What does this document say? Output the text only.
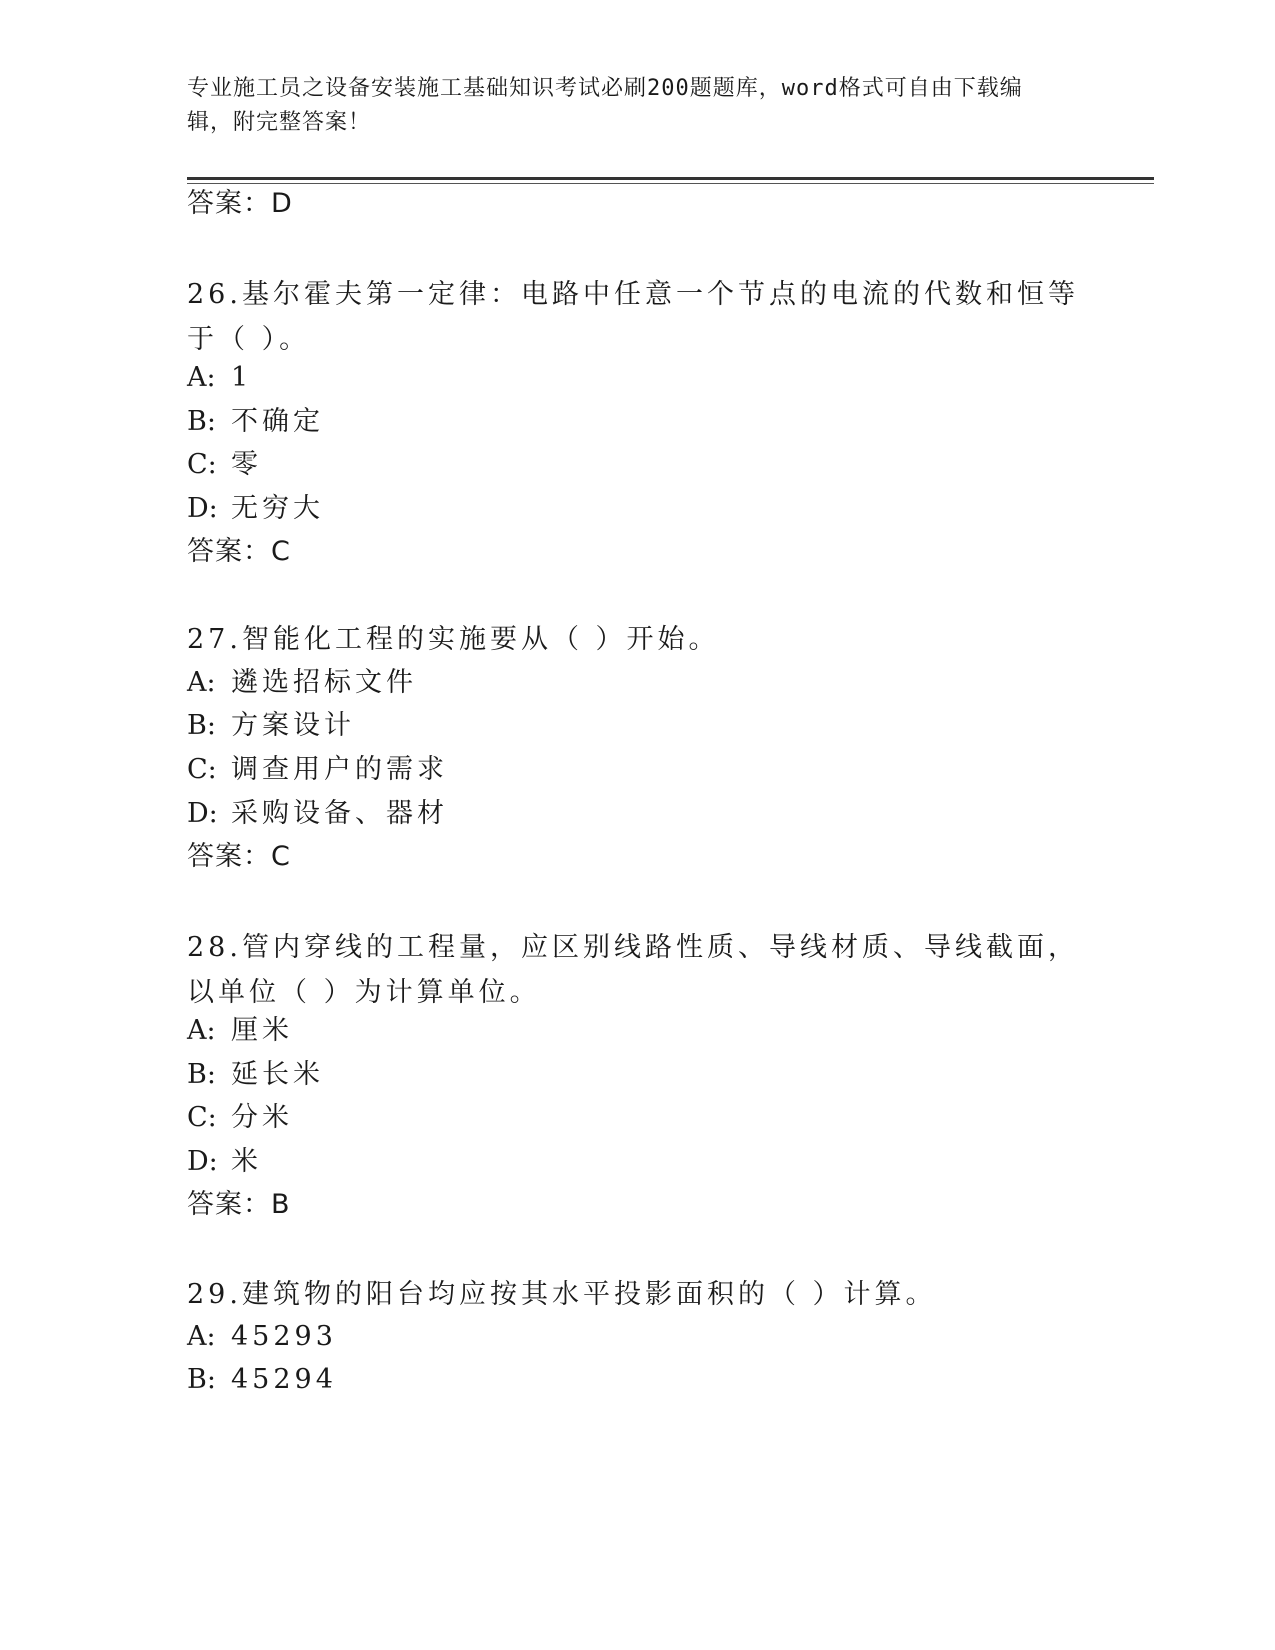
专业施工员之设备安装施工基础知识考试必刷200题题库，word格式可自由下载编辑，附完整答案！
答案：D
26.基尔霍夫第一定律：电路中任意一个节点的电流的代数和恒等于（ ）。
A: 1
B: 不确定
C: 零
D: 无穷大
答案：C
27.智能化工程的实施要从（ ）开始。
A: 遴选招标文件
B: 方案设计
C: 调查用户的需求
D: 采购设备、器材
答案：C
28.管内穿线的工程量，应区别线路性质、导线材质、导线截面，以单位（ ）为计算单位。
A: 厘米
B: 延长米
C: 分米
D: 米
答案：B
29.建筑物的阳台均应按其水平投影面积的（ ）计算。
A: 45293
B: 45294
